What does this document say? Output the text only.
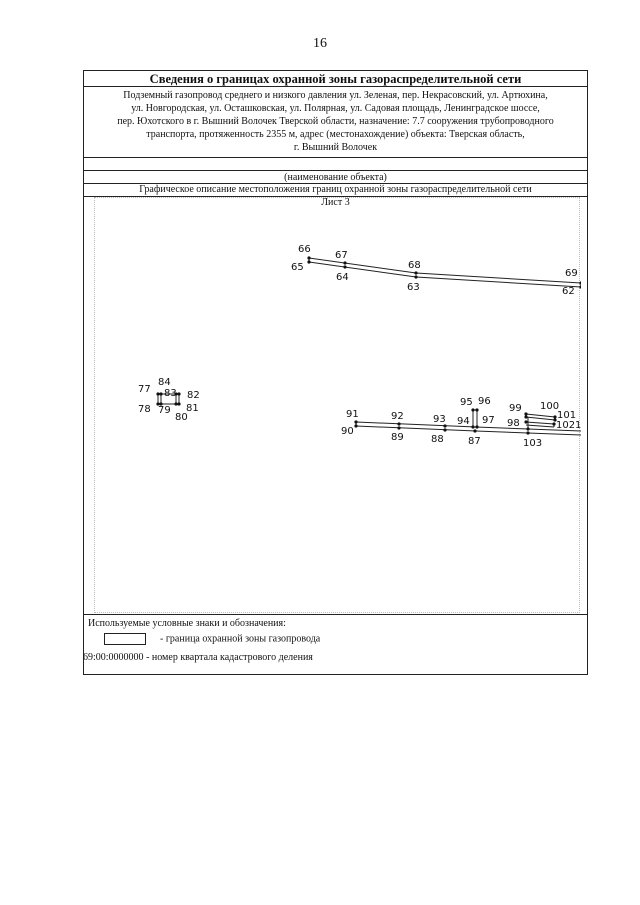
16
Сведения о границах охранной зоны газораспределительной сети
Подземный газопровод среднего и низкого давления ул. Зеленая, пер. Некрасовский, ул. Артюхина,
ул. Новгородская, ул. Осташковская, ул. Полярная, ул. Садовая площадь, Ленинградское шоссе,
пер. Юхотского в г. Вышний Волочек Тверской области, назначение: 7.7 сооружения трубопроводного
транспорта, протяженность 2355 м, адрес (местонахождение) объекта: Тверская область,
г. Вышний Волочек
(наименование объекта)
Графическое описание местоположения границ охранной зоны газораспределительной сети
Лист 3
66
67
65	68
64	69
63	62
77
84
83 82
78 79 81
80
95 96
91	92	93 94 97
99 100
101
98	102 1
90
89	88 87	103
Используемые условные знаки и обозначения:
- граница охранной зоны газопровода
69:00:0000000 - номер квартала кадастрового деления
